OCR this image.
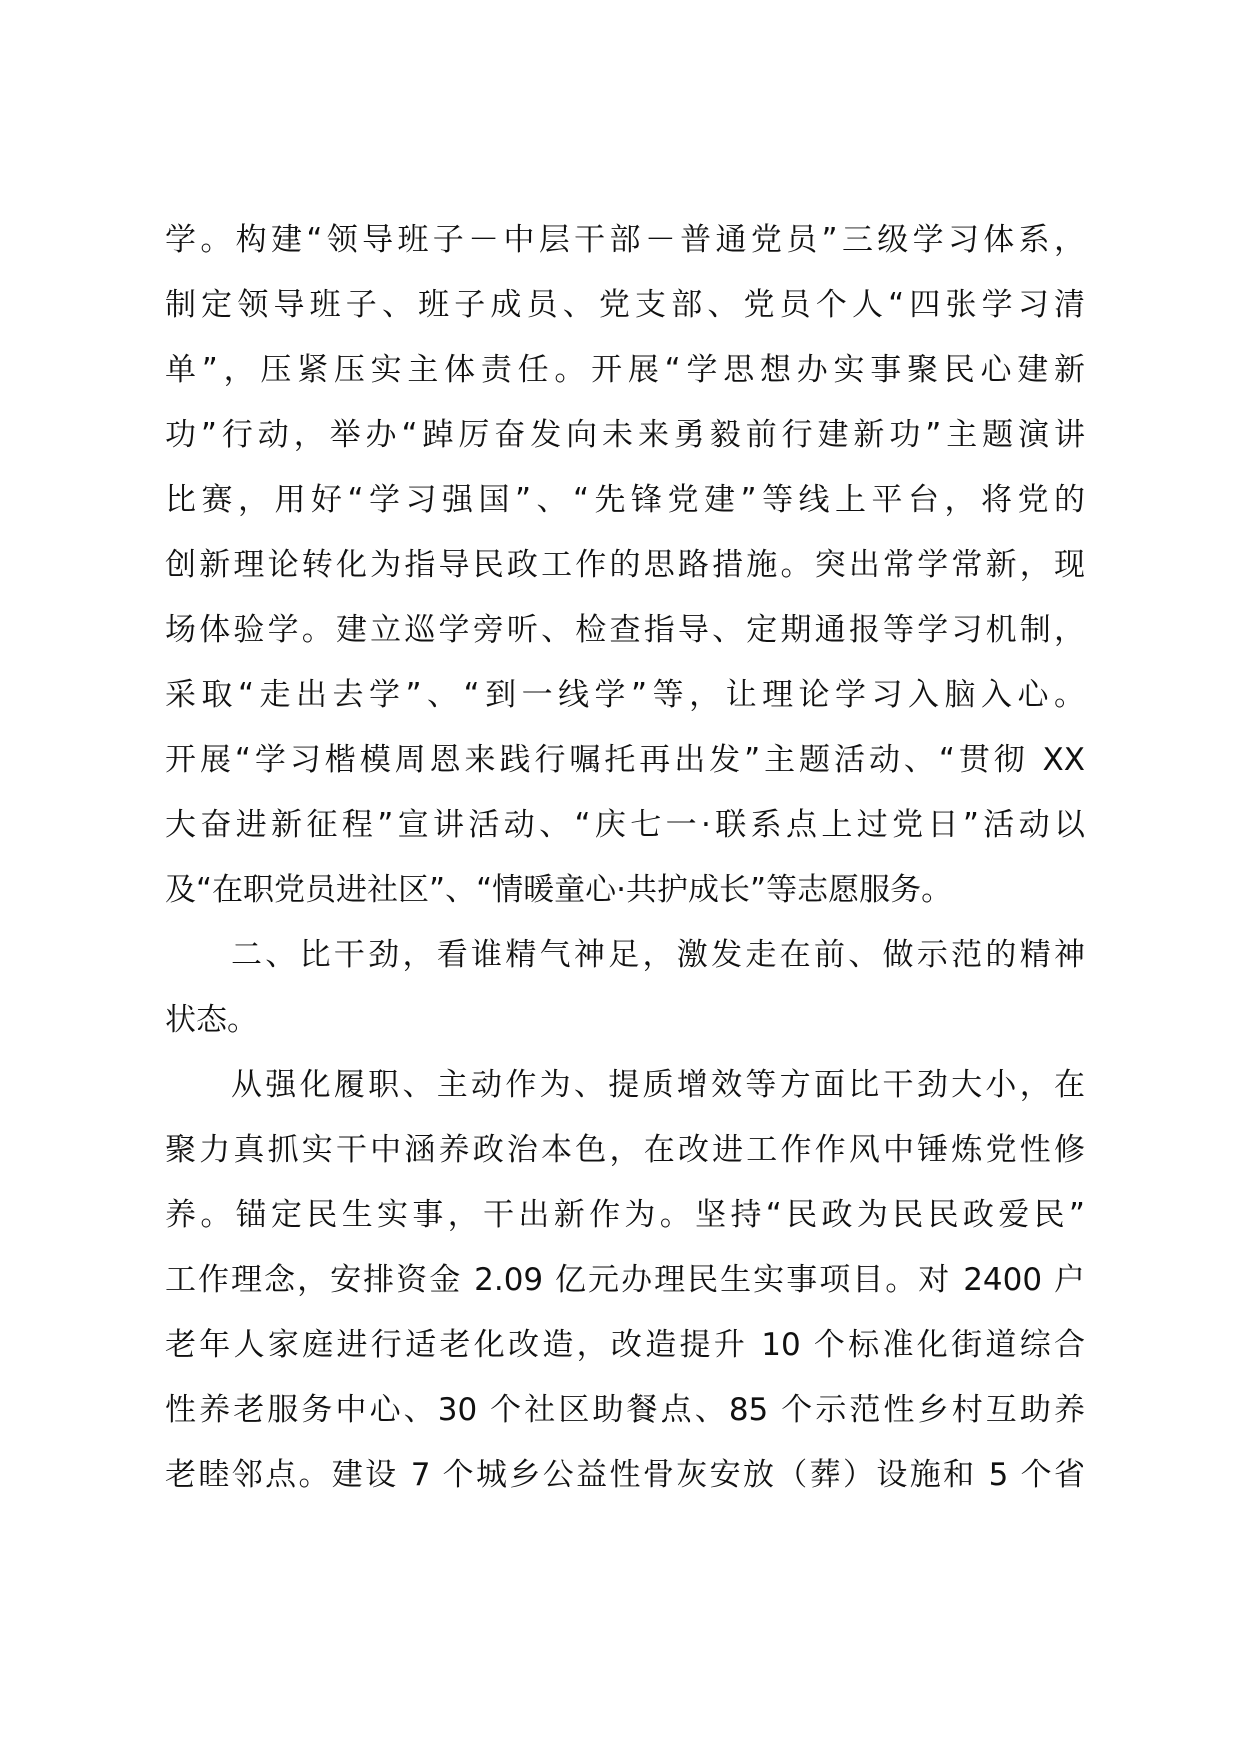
学。构建“领导班子－中层干部－普通党员”三级学习体系，
制定领导班子、班子成员、党支部、党员个人“四张学习清
单”，压紧压实主体责任。开展“学思想办实事聚民心建新
功”行动，举办“踔厉奋发向未来勇毅前行建新功”主题演讲
比赛，用好“学习强国”、“先锋党建”等线上平台，将党的
创新理论转化为指导民政工作的思路措施。突出常学常新，现
场体验学。建立巡学旁听、检查指导、定期通报等学习机制，
采取“走出去学”、“到一线学”等，让理论学习入脑入心。
开展“学习楷模周恩来践行嘱托再出发”主题活动、“贯彻 XX
大奋进新征程”宣讲活动、“庆七一·联系点上过党日”活动以
及“在职党员进社区”、“情暖童心·共护成长”等志愿服务。
二、比干劲，看谁精气神足，激发走在前、做示范的精神
状态。
从强化履职、主动作为、提质增效等方面比干劲大小，在
聚力真抓实干中涵养政治本色，在改进工作作风中锤炼党性修
养。锚定民生实事，干出新作为。坚持“民政为民民政爱民”
工作理念，安排资金 2.09 亿元办理民生实事项目。对 2400 户
老年人家庭进行适老化改造，改造提升 10 个标准化街道综合
性养老服务中心、30 个社区助餐点、85 个示范性乡村互助养
老睦邻点。建设 7 个城乡公益性骨灰安放（葬）设施和 5 个省
